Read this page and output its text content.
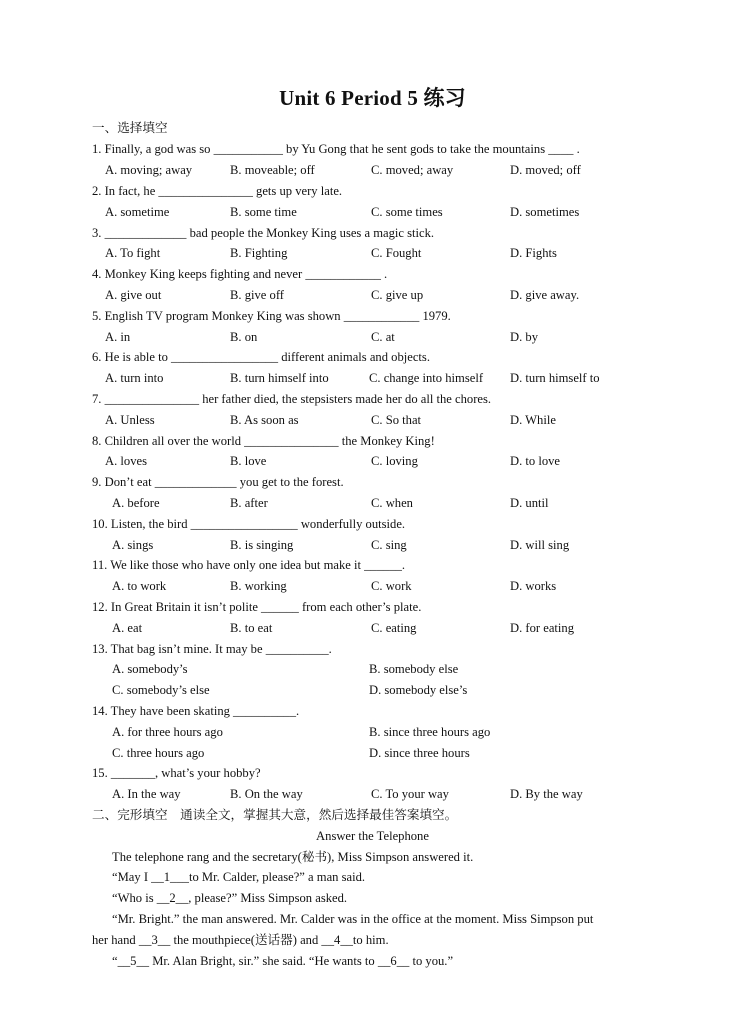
Unit 6 Period 5 练习
一、选择填空
1. Finally, a god was so ___________ by Yu Gong that he sent gods to take the mountains ____ .
A. moving; away	B. moveable; off	C. moved; away	D. moved; off
2. In fact, he _______________ gets up very late.
A. sometime	B. some time	C. some times	D. sometimes
3. _____________ bad people the Monkey King uses a magic stick.
A. To fight	B. Fighting	C. Fought	D. Fights
4. Monkey King keeps fighting and never ____________ .
A. give out	B. give off	C. give up	D. give away.
5. English TV program Monkey King was shown ____________ 1979.
A. in	B. on	C. at	D. by
6. He is able to _________________ different animals and objects.
A. turn into	B. turn himself into	C. change into himself D. turn himself to
7. _______________ her father died, the stepsisters made her do all the chores.
A. Unless	B. As soon as	C. So that	D. While
8. Children all over the world _______________ the Monkey King!
A. loves	B. love	C. loving	D. to love
9. Don’t eat _____________ you get to the forest.
A. before	B. after	C. when	D. until
10. Listen, the bird _________________ wonderfully outside.
A. sings	B. is singing	C. sing	D. will sing
11. We like those who have only one idea but make it ______.
A. to work	B. working	C. work	D. works
12. In Great Britain it isn’t polite ______ from each other’s plate.
A. eat	B. to eat	C. eating	D. for eating
13. That bag isn’t mine. It may be __________.
A. somebody’s	B. somebody else
C. somebody’s else	D. somebody else’s
14. They have been skating __________.
A. for three hours ago	B. since three hours ago
C. three hours ago	D. since three hours
15. _______, what’s your hobby?
A. In the way	B. On the way	C. To your way	D. By the way
二、完形填空　通读全文，掌握其大意，然后选择最佳答案填空。
Answer the Telephone
The telephone rang and the secretary(秘书), Miss Simpson answered it.
“May I __1___to Mr. Calder, please?” a man said.
“Who is __2__, please?” Miss Simpson asked.
“Mr. Bright.” the man answered. Mr. Calder was in the office at the moment. Miss Simpson put
her hand __3__ the mouthpiece(送话器) and __4__to him.
“__5__ Mr. Alan Bright, sir.” she said. “He wants to __6__ to you.”
